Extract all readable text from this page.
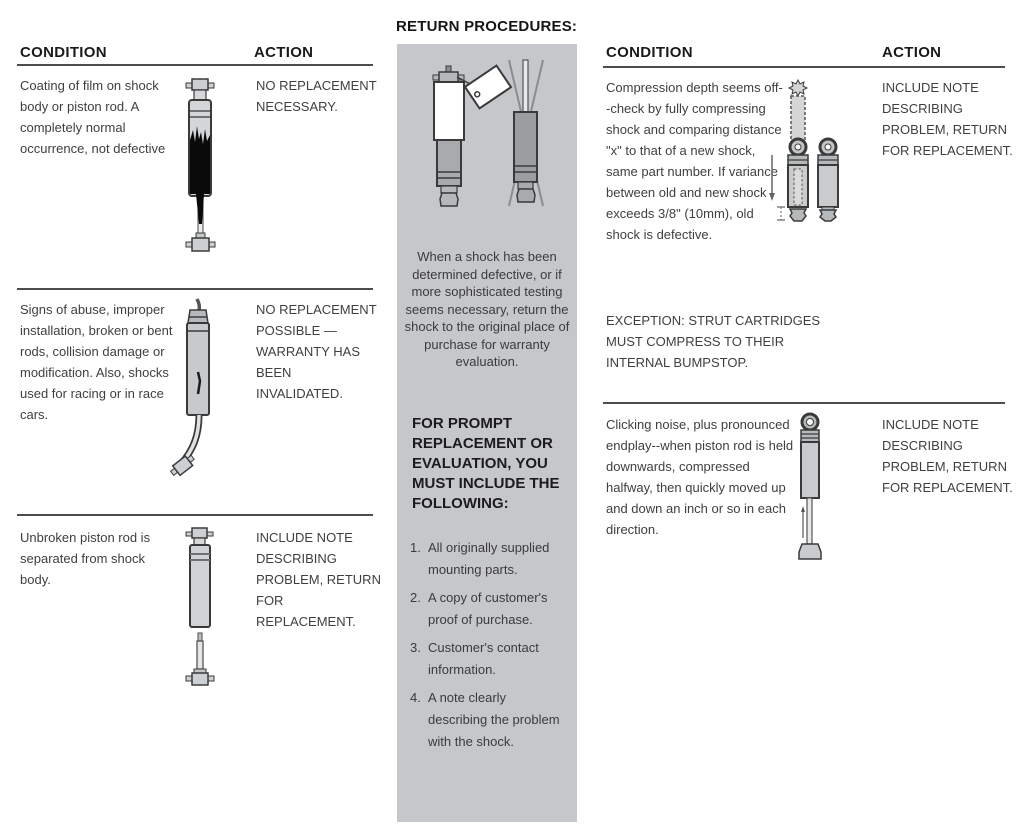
CONDITION	ACTION
Coating of film on shock body or piston rod. A completely normal occurrence, not defective
NO REPLACEMENT NECESSARY.
Signs of abuse, improper installation, broken or bent rods, collision damage or modification. Also, shocks used for racing or in race cars.
NO REPLACEMENT POSSIBLE — WARRANTY HAS BEEN INVALIDATED.
Unbroken piston rod is separated from shock body.
INCLUDE NOTE DESCRIBING PROBLEM, RETURN FOR REPLACEMENT.
RETURN PROCEDURES:
When a shock has been determined defective, or if more sophisticated testing seems necessary, return the shock to the original place of purchase for warranty evaluation.
FOR PROMPT REPLACEMENT OR EVALUATION, YOU MUST INCLUDE THE FOLLOWING:
1. All originally supplied mounting parts.
2. A copy of customer's proof of purchase.
3. Customer's contact information.
4. A note clearly describing the problem with the shock.
CONDITION	ACTION
Compression depth seems off--check by fully compressing shock and comparing distance "x" to that of a new shock, same part number. If variance between old and new shock exceeds 3/8" (10mm), old shock is defective.
INCLUDE NOTE DESCRIBING PROBLEM, RETURN FOR REPLACEMENT.
EXCEPTION: STRUT CARTRIDGES MUST COMPRESS TO THEIR INTERNAL BUMPSTOP.
Clicking noise, plus pronounced endplay--when piston rod is held downwards, compressed halfway, then quickly moved up and down an inch or so in each direction.
INCLUDE NOTE DESCRIBING PROBLEM, RETURN FOR REPLACEMENT.
